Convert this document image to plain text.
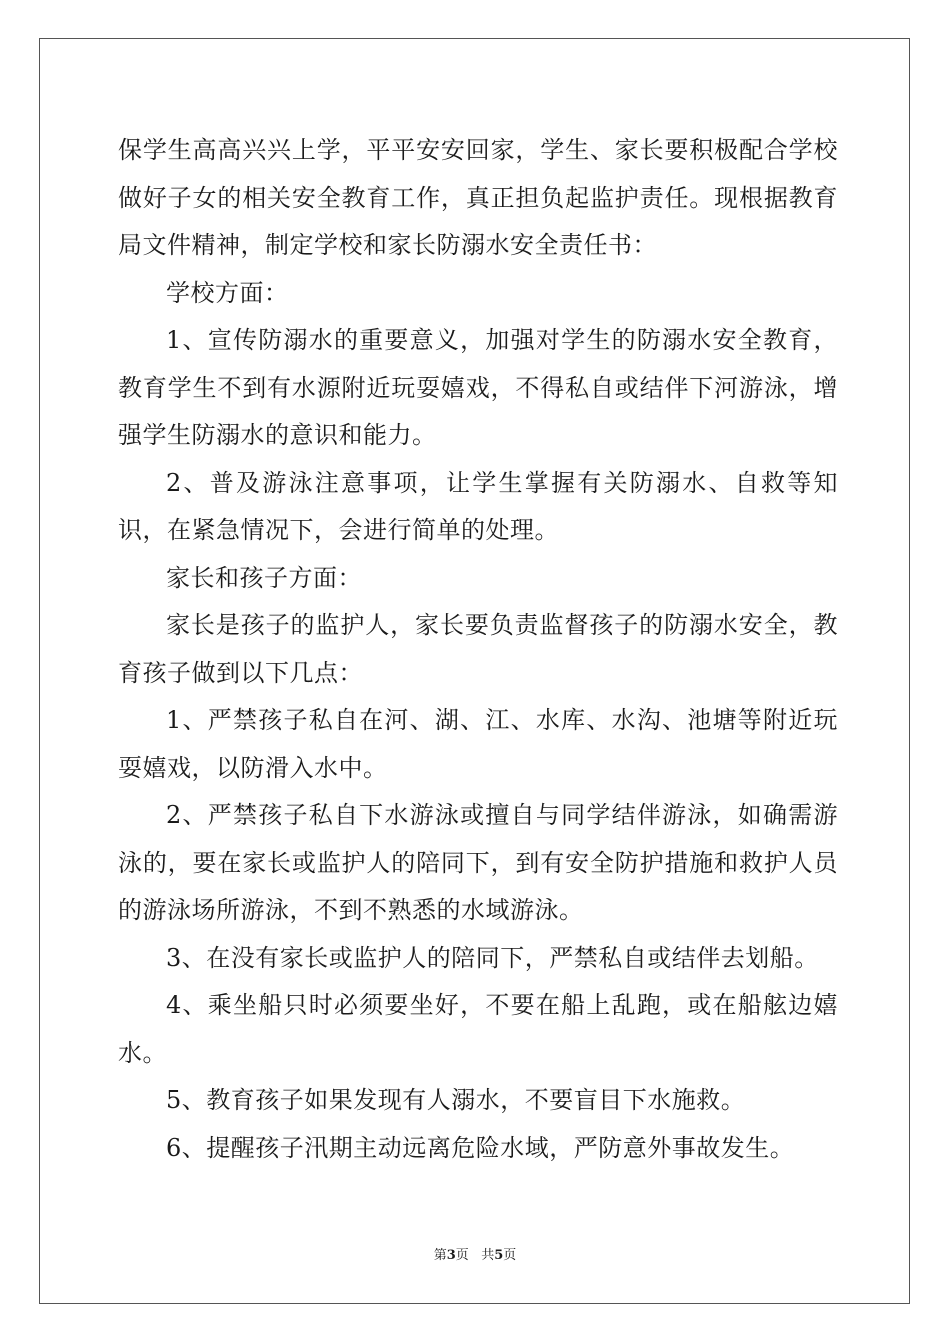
保学生高高兴兴上学，平平安安回家，学生、家长要积极配合学校做好子女的相关安全教育工作，真正担负起监护责任。现根据教育局文件精神，制定学校和家长防溺水安全责任书：

学校方面：

1、宣传防溺水的重要意义，加强对学生的防溺水安全教育，教育学生不到有水源附近玩耍嬉戏，不得私自或结伴下河游泳，增强学生防溺水的意识和能力。

2、普及游泳注意事项，让学生掌握有关防溺水、自救等知识，在紧急情况下，会进行简单的处理。

家长和孩子方面：

家长是孩子的监护人，家长要负责监督孩子的防溺水安全，教育孩子做到以下几点：

1、严禁孩子私自在河、湖、江、水库、水沟、池塘等附近玩耍嬉戏，以防滑入水中。

2、严禁孩子私自下水游泳或擅自与同学结伴游泳，如确需游泳的，要在家长或监护人的陪同下，到有安全防护措施和救护人员的游泳场所游泳，不到不熟悉的水域游泳。

3、在没有家长或监护人的陪同下，严禁私自或结伴去划船。

4、乘坐船只时必须要坐好，不要在船上乱跑，或在船舷边嬉水。

5、教育孩子如果发现有人溺水，不要盲目下水施救。

6、提醒孩子汛期主动远离危险水域，严防意外事故发生。

第3页 共5页
